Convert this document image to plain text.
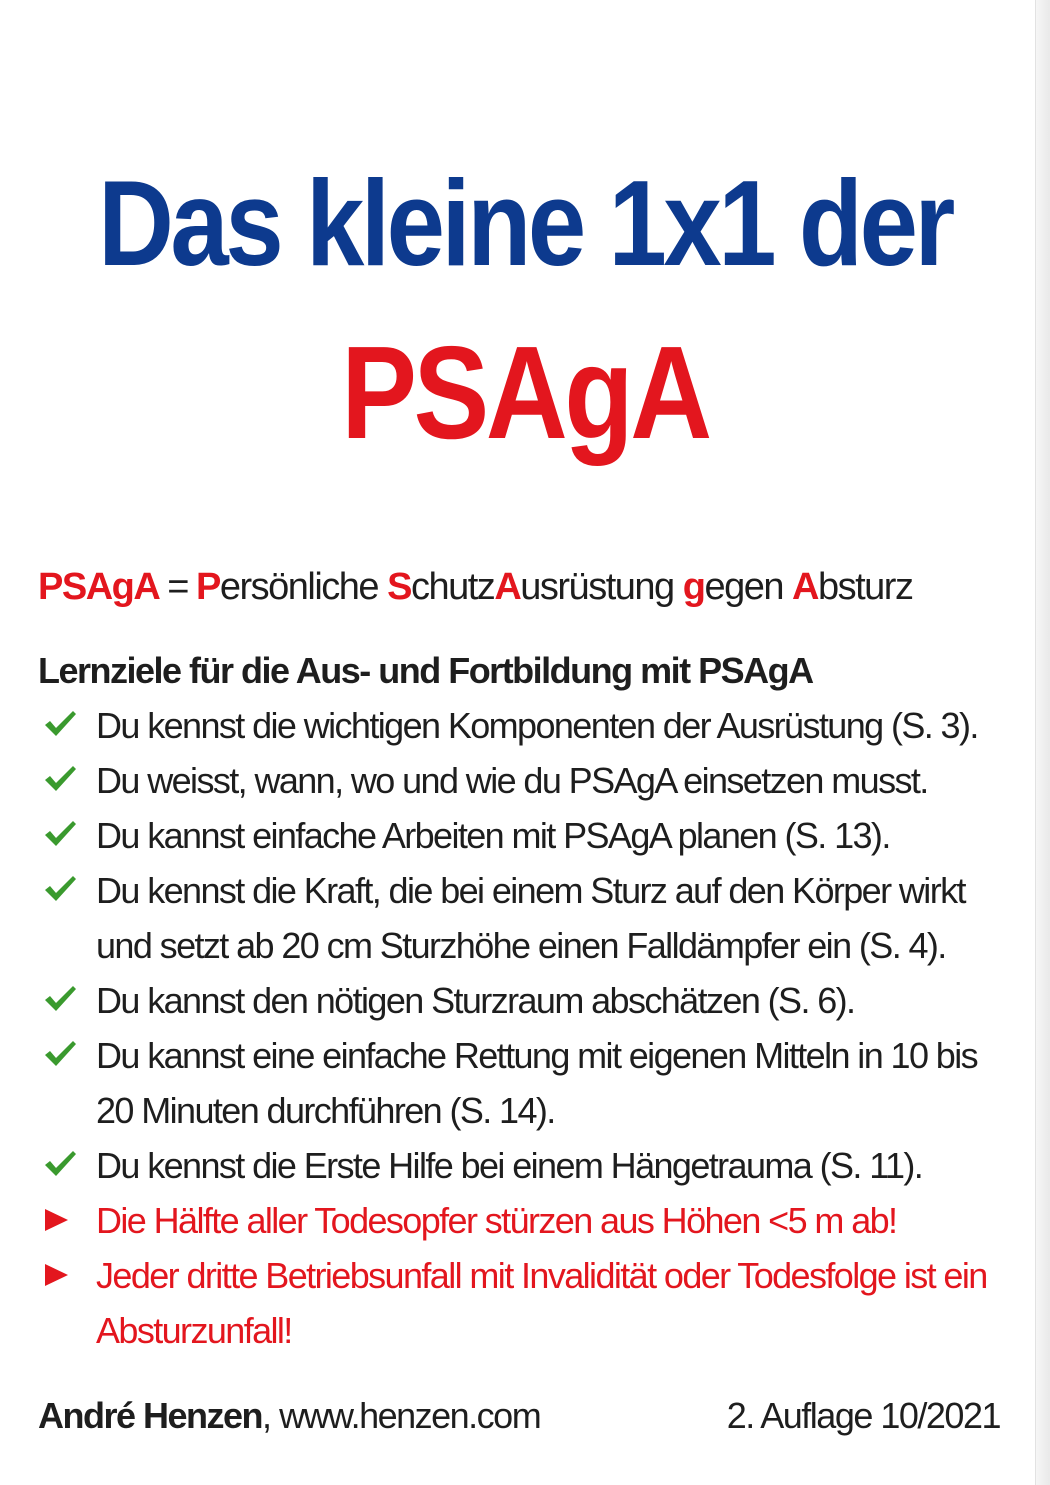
Das kleine 1x1 der
PSAgA
PSAgA = Persönliche SchutzAusrüstung gegen Absturz
Lernziele für die Aus- und Fortbildung mit PSAgA
Du kennst die wichtigen Komponenten der Ausrüstung (S. 3).
Du weisst, wann, wo und wie du PSAgA einsetzen musst.
Du kannst einfache Arbeiten mit PSAgA planen (S. 13).
Du kennst die Kraft, die bei einem Sturz auf den Körper wirkt und setzt ab 20 cm Sturzhöhe einen Falldämpfer ein (S. 4).
Du kannst den nötigen Sturzraum abschätzen (S. 6).
Du kannst eine einfache Rettung mit eigenen Mitteln in 10 bis 20 Minuten durchführen (S. 14).
Du kennst die Erste Hilfe bei einem Hängetrauma (S. 11).
Die Hälfte aller Todesopfer stürzen aus Höhen <5 m ab!
Jeder dritte Betriebsunfall mit Invalidität oder Todesfolge ist ein Absturzunfall!
André Henzen, www.henzen.com	2. Auflage 10/2021
